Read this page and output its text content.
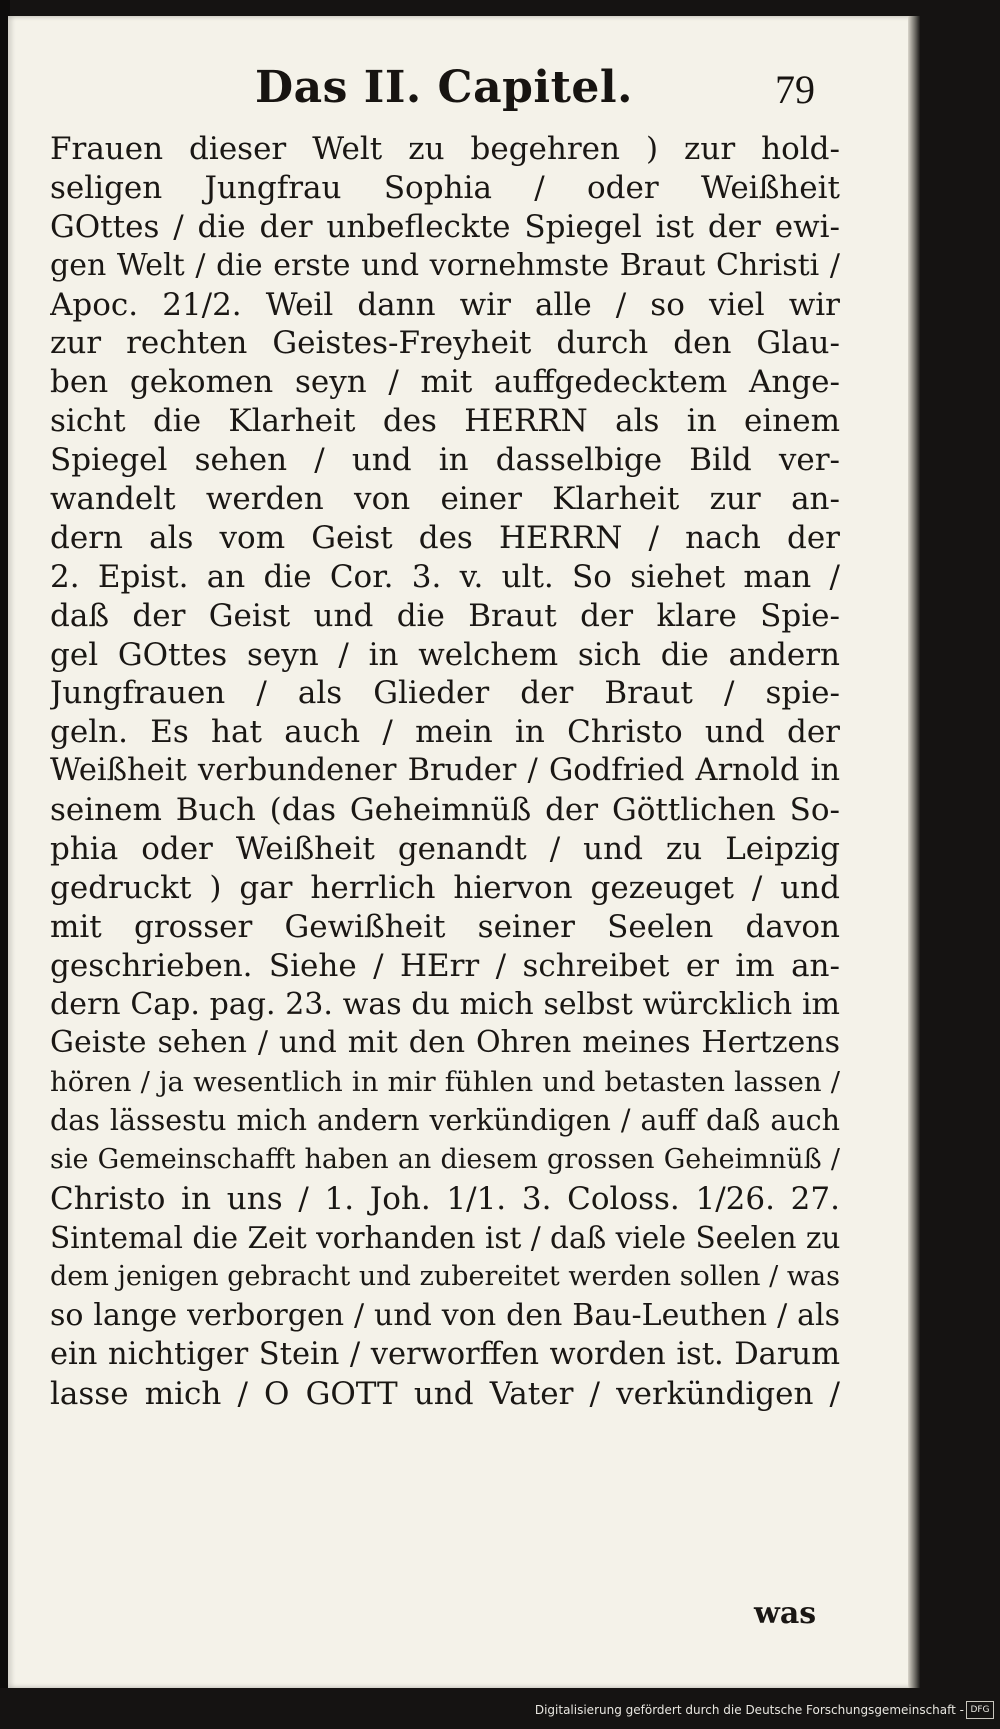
Das II. Capitel.	79
Frauen dieser Welt zu begehren ) zur hold-
seligen Jungfrau Sophia / oder Weißheit
GOttes / die der unbefleckte Spiegel ist der ewi-
gen Welt / die erste und vornehmste Braut Christi /
Apoc. 21/2. Weil dann wir alle / so viel wir
zur rechten Geistes-Freyheit durch den Glau-
ben gekomen seyn / mit auffgedecktem Ange-
sicht die Klarheit des HERRN als in einem
Spiegel sehen / und in dasselbige Bild ver-
wandelt werden von einer Klarheit zur an-
dern als vom Geist des HERRN / nach der
2. Epist. an die Cor. 3. v. ult. So siehet man /
daß der Geist und die Braut der klare Spie-
gel GOttes seyn / in welchem sich die andern
Jungfrauen / als Glieder der Braut / spie-
geln. Es hat auch / mein in Christo und der
Weißheit verbundener Bruder / Godfried Arnold in
seinem Buch (das Geheimnüß der Göttlichen So-
phia oder Weißheit genandt / und zu Leipzig
gedruckt ) gar herrlich hiervon gezeuget / und
mit grosser Gewißheit seiner Seelen davon
geschrieben. Siehe / HErr / schreibet er im an-
dern Cap. pag. 23. was du mich selbst würcklich im
Geiste sehen / und mit den Ohren meines Hertzens
hören / ja wesentlich in mir fühlen und betasten lassen /
das lässestu mich andern verkündigen / auff daß auch
sie Gemeinschafft haben an diesem grossen Geheimnüß /
Christo in uns / 1. Joh. 1/1. 3. Coloss. 1/26. 27.
Sintemal die Zeit vorhanden ist / daß viele Seelen zu
dem jenigen gebracht und zubereitet werden sollen / was
so lange verborgen / und von den Bau-Leuthen / als
ein nichtiger Stein / verworffen worden ist. Darum
lasse mich / O GOTT und Vater / verkündigen /
was
Digitalisierung gefördert durch die Deutsche Forschungsgemeinschaft - DFG
